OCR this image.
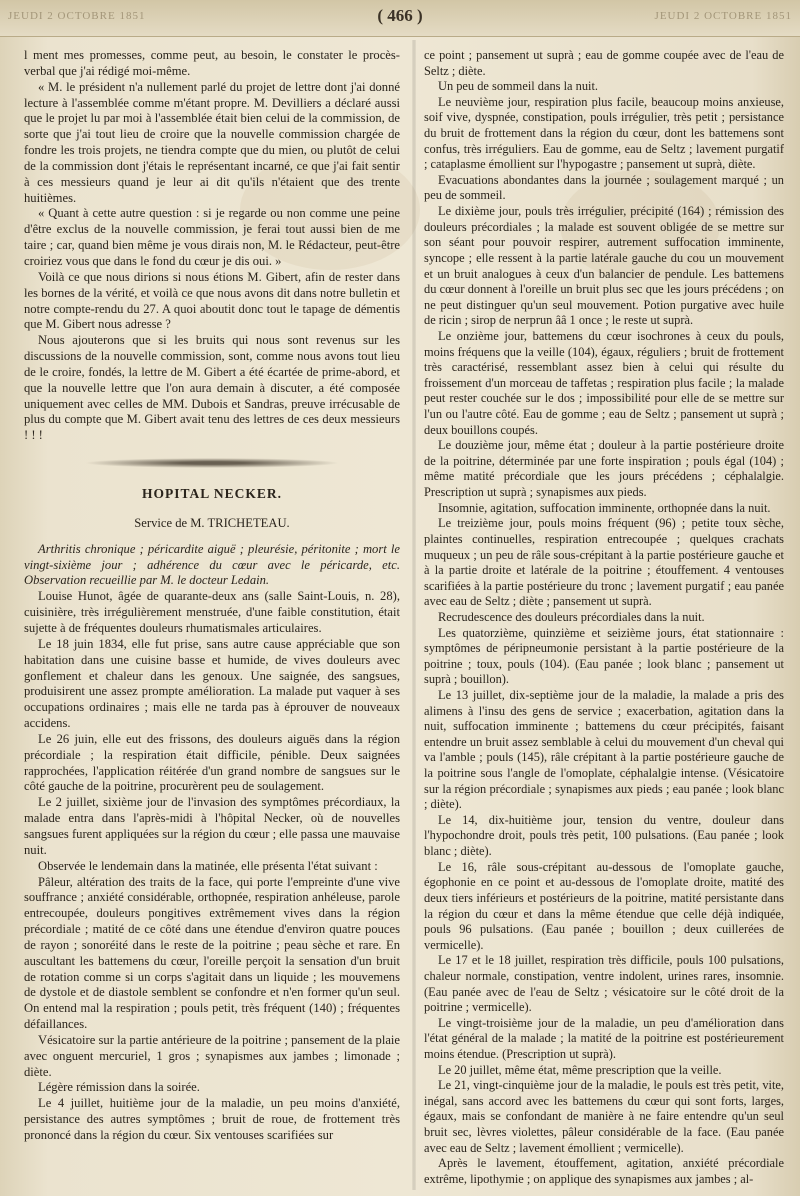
JEUDI 2 OCTOBRE 1851	( 466 )	JEUDI 2 OCTOBRE 1851

l ment mes promesses, comme peut, au besoin, le constater le procès-verbal que j'ai rédigé moi-même.

« M. le président n'a nullement parlé du projet de lettre dont j'ai donné lecture à l'assemblée comme m'étant propre. M. Devilliers a déclaré aussi que le projet lu par moi à l'assemblée était bien celui de la commission, de sorte que j'ai tout lieu de croire que la nouvelle commission chargée de fondre les trois projets, ne tiendra compte que du mien, ou plutôt de celui de la commission dont j'étais le représentant incarné, ce que j'ai fait sentir à ces messieurs quand je leur ai dit qu'ils n'étaient que des trente huitièmes.

« Quant à cette autre question : si je regarde ou non comme une peine d'être exclus de la nouvelle commission, je ferai tout aussi bien de me taire ; car, quand bien même je vous dirais non, M. le Rédacteur, peut-être croiriez vous que dans le fond du cœur je dis oui. »

Voilà ce que nous dirions si nous étions M. Gibert, afin de rester dans les bornes de la vérité, et voilà ce que nous avons dit dans notre bulletin et notre compte-rendu du 27. A quoi aboutit donc tout le tapage de démentis que M. Gibert nous adresse ?

Nous ajouterons que si les bruits qui nous sont revenus sur les discussions de la nouvelle commission, sont, comme nous avons tout lieu de le croire, fondés, la lettre de M. Gibert a été écartée de prime-abord, et que la nouvelle lettre que l'on aura demain à discuter, a été composée uniquement avec celles de MM. Dubois et Sandras, preuve irrécusable de plus du compte que M. Gibert avait tenu des lettres de ces deux messieurs ! ! !

HOPITAL NECKER.
Service de M. TRICHETEAU.

Arthritis chronique ; péricardite aiguë ; pleurésie, péritonite ; mort le vingt-sixième jour ; adhérence du cœur avec le péricarde, etc. Observation recueillie par M. le docteur Ledain.

Louise Hunot, âgée de quarante-deux ans (salle Saint-Louis, n. 28), cuisinière, très irrégulièrement menstruée, d'une faible constitution, était sujette à de fréquentes douleurs rhumatismales articulaires.

Le 18 juin 1834, elle fut prise, sans autre cause appréciable que son habitation dans une cuisine basse et humide, de vives douleurs avec gonflement et chaleur dans les genoux. Une saignée, des sangsues, produisirent une assez prompte amélioration. La malade put vaquer à ses occupations ordinaires ; mais elle ne tarda pas à éprouver de nouveaux accidens.

Le 26 juin, elle eut des frissons, des douleurs aiguës dans la région précordiale ; la respiration était difficile, pénible. Deux saignées rapprochées, l'application réitérée d'un grand nombre de sangsues sur le côté gauche de la poitrine, procurèrent peu de soulagement.

Le 2 juillet, sixième jour de l'invasion des symptômes précordiaux, la malade entra dans l'après-midi à l'hôpital Necker, où de nouvelles sangsues furent appliquées sur la région du cœur ; elle passa une mauvaise nuit.

Observée le lendemain dans la matinée, elle présenta l'état suivant :

Pâleur, altération des traits de la face, qui porte l'empreinte d'une vive souffrance ; anxiété considérable, orthopnée, respiration anhéleuse, parole entrecoupée, douleurs pongitives extrêmement vives dans la région précordiale ; matité de ce côté dans une étendue d'environ quatre pouces de rayon ; sonoréité dans le reste de la poitrine ; peau sèche et rare. En auscultant les battemens du cœur, l'oreille perçoit la sensation d'un bruit de rotation comme si un corps s'agitait dans un liquide ; les mouvemens de dystole et de diastole semblent se confondre et n'en former qu'un seul. On entend mal la respiration ; pouls petit, très fréquent (140) ; fréquentes défaillances.

Vésicatoire sur la partie antérieure de la poitrine ; pansement de la plaie avec onguent mercuriel, 1 gros ; synapismes aux jambes ; limonade ; diète.

Légère rémission dans la soirée.

Le 4 juillet, huitième jour de la maladie, un peu moins d'anxiété, persistance des autres symptômes ; bruit de roue, de frottement très prononcé dans la région du cœur. Six ventouses scarifiées sur

ce point ; pansement ut suprà ; eau de gomme coupée avec de l'eau de Seltz ; diète.

Un peu de sommeil dans la nuit.

Le neuvième jour, respiration plus facile, beaucoup moins anxieuse, soif vive, dyspnée, constipation, pouls irrégulier, très petit ; persistance du bruit de frottement dans la région du cœur, dont les battemens sont confus, très irréguliers. Eau de gomme, eau de Seltz ; lavement purgatif ; cataplasme émollient sur l'hypogastre ; pansement ut suprà, diète.

Evacuations abondantes dans la journée ; soulagement marqué ; un peu de sommeil.

Le dixième jour, pouls très irrégulier, précipité (164) ; rémission des douleurs précordiales ; la malade est souvent obligée de se mettre sur son séant pour pouvoir respirer, autrement suffocation imminente, syncope ; elle ressent à la partie latérale gauche du cou un mouvement et un bruit analogues à ceux d'un balancier de pendule. Les battemens du cœur donnent à l'oreille un bruit plus sec que les jours précédens ; on ne peut distinguer qu'un seul mouvement. Potion purgative avec huile de ricin ; sirop de nerprun ââ 1 once ; le reste ut suprà.

Le onzième jour, battemens du cœur isochrones à ceux du pouls, moins fréquens que la veille (104), égaux, réguliers ; bruit de frottement très caractérisé, ressemblant assez bien à celui qui résulte du froissement d'un morceau de taffetas ; respiration plus facile ; la malade peut rester couchée sur le dos ; impossibilité pour elle de se mettre sur l'un ou l'autre côté. Eau de gomme ; eau de Seltz ; pansement ut suprà ; deux bouillons coupés.

Le douzième jour, même état ; douleur à la partie postérieure droite de la poitrine, déterminée par une forte inspiration ; pouls égal (104) ; même matité précordiale que les jours précédens ; céphalalgie. Prescription ut suprà ; synapismes aux pieds.

Insomnie, agitation, suffocation imminente, orthopnée dans la nuit.

Le treizième jour, pouls moins fréquent (96) ; petite toux sèche, plaintes continuelles, respiration entrecoupée ; quelques crachats muqueux ; un peu de râle sous-crépitant à la partie postérieure gauche et à la partie droite et latérale de la poitrine ; étouffement. 4 ventouses scarifiées à la partie postérieure du tronc ; lavement purgatif ; eau panée avec eau de Seltz ; diète ; pansement ut suprà.

Recrudescence des douleurs précordiales dans la nuit.

Les quatorzième, quinzième et seizième jours, état stationnaire : symptômes de péripneumonie persistant à la partie postérieure de la poitrine ; toux, pouls (104). (Eau panée ; look blanc ; pansement ut suprà ; bouillon).

Le 13 juillet, dix-septième jour de la maladie, la malade a pris des alimens à l'insu des gens de service ; exacerbation, agitation dans la nuit, suffocation imminente ; battemens du cœur précipités, faisant entendre un bruit assez semblable à celui du mouvement d'un cheval qui va l'amble ; pouls (145), râle crépitant à la partie postérieure gauche de la poitrine sous l'angle de l'omoplate, céphalalgie intense. (Vésicatoire sur la région précordiale ; synapismes aux pieds ; eau panée ; look blanc ; diète).

Le 14, dix-huitième jour, tension du ventre, douleur dans l'hypochondre droit, pouls très petit, 100 pulsations. (Eau panée ; look blanc ; diète).

Le 16, râle sous-crépitant au-dessous de l'omoplate gauche, égophonie en ce point et au-dessous de l'omoplate droite, matité des deux tiers inférieurs et postérieurs de la poitrine, matité persistante dans la région du cœur et dans la même étendue que celle déjà indiquée, pouls 96 pulsations. (Eau panée ; bouillon ; deux cuillerées de vermicelle).

Le 17 et le 18 juillet, respiration très difficile, pouls 100 pulsations, chaleur normale, constipation, ventre indolent, urines rares, insomnie. (Eau panée avec de l'eau de Seltz ; vésicatoire sur le côté droit de la poitrine ; vermicelle).

Le vingt-troisième jour de la maladie, un peu d'amélioration dans l'état général de la malade ; la matité de la poitrine est postérieurement moins étendue. (Prescription ut suprà).

Le 20 juillet, même état, même prescription que la veille.

Le 21, vingt-cinquième jour de la maladie, le pouls est très petit, vite, inégal, sans accord avec les battemens du cœur qui sont forts, larges, égaux, mais se confondant de manière à ne faire entendre qu'un seul bruit sec, lèvres violettes, pâleur considérable de la face. (Eau panée avec eau de Seltz ; lavement émollient ; vermicelle).

Après le lavement, étouffement, agitation, anxiété précordiale extrême, lipothymie ; on applique des synapismes aux jambes ; al-
